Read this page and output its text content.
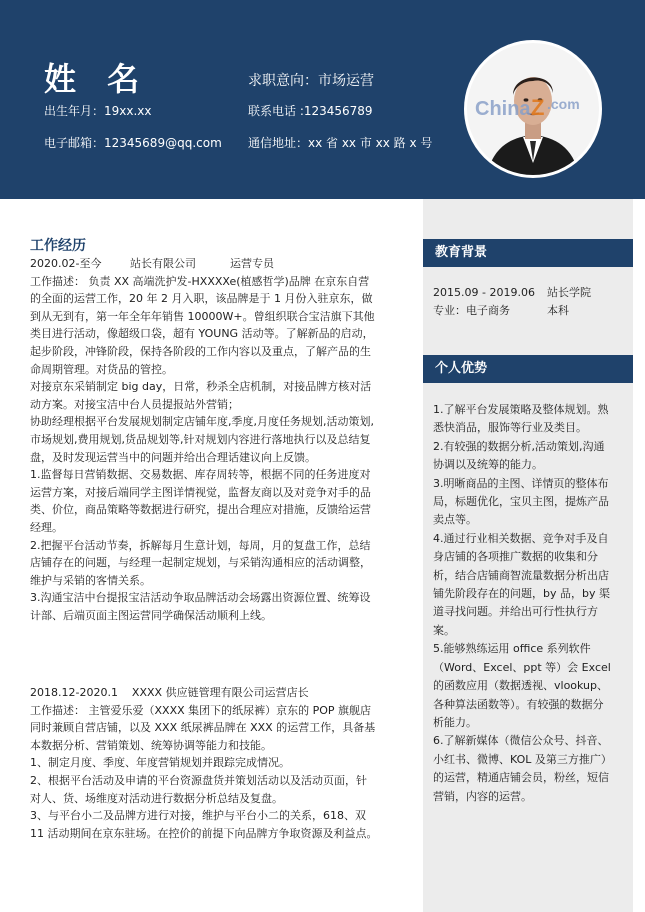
姓 名	求职意向：市场运营
出生年月：19xx.xx	联系电话 :123456789
电子邮箱：12345689@qq.com 通信地址：xx 省 xx 市 xx 路 x 号
China Z .com
工作经历
2020.02-至今	站长有限公司	运营专员

工作描述： 负责 XX 高端洗护发-HXXXXe(植感哲学)品牌 在京东自营

的全面的运营工作，20 年 2 月入职，该品牌是于 1 月份入驻京东，做

到从无到有，第一年全年年销售 10000W+。曾组织联合宝洁旗下其他

类目进行活动，像超级口袋，超有 YOUNG 活动等。了解新品的启动，

起步阶段，冲锋阶段，保持各阶段的工作内容以及重点，了解产品的生

命周期管理。对货品的管控。

对接京东采销制定 big day，日常，秒杀全店机制，对接品牌方核对活

动方案。对接宝洁中台人员提报站外营销；

协助经理根据平台发展规划制定店铺年度,季度,月度任务规划,活动策划,

市场规划,费用规划,货品规划等,针对规划内容进行落地执行以及总结复

盘，及时发现运营当中的问题并给出合理话建议向上反馈。

1.监督每日营销数据、交易数据、库存周转等，根据不同的任务进度对

运营方案，对接后端同学主图详情视觉，监督友商以及对竞争对手的品

类、价位，商品策略等数据进行研究，提出合理应对措施，反馈给运营

经理。

2.把握平台活动节奏，拆解每月生意计划，每周，月的复盘工作，总结

店铺存在的问题，与经理一起制定规划，与采销沟通相应的活动调整，

维护与采销的客情关系。

3.沟通宝洁中台提报宝洁活动争取品牌活动会场露出资源位置、统筹设

计部、后端页面主图运营同学确保活动顺利上线。

2018.12-2020.1    XXXX 供应链管理有限公司运营店长

工作描述： 主管爱乐爱（XXXX 集团下的纸尿裤）京东的 POP 旗舰店

同时兼顾自营店铺，以及 XXX 纸尿裤品牌在 XXX 的运营工作，具备基

本数据分析、营销策划、统筹协调等能力和技能。

1、制定月度、季度、年度营销规划并跟踪完成情况。

2、根据平台活动及申请的平台资源盘货并策划活动以及活动页面，针

对人、货、场维度对活动进行数据分析总结及复盘。

3、与平台小二及品牌方进行对接，维护与平台小二的关系，618、双

11 活动期间在京东驻场。在控价的前提下向品牌方争取资源及利益点。

教育背景
2015.09 - 2019.06	站长学院
专业：电子商务	本科
个人优势

1.了解平台发展策略及整体规划。熟

悉快消品，服饰等行业及类目。

2.有较强的数据分析,活动策划,沟通

协调以及统筹的能力。

3.明晰商品的主图、详情页的整体布

局，标题优化，宝贝主图，提炼产品

卖点等。

4.通过行业相关数据、竞争对手及自

身店铺的各项推广数据的收集和分

析，结合店铺商智流量数据分析出店

铺先阶段存在的问题，by 品，by 渠

道寻找问题。并给出可行性执行方

案。

5.能够熟练运用 office 系列软件

（Word、Excel、ppt 等）会 Excel

的函数应用（数据透视、vlookup、

各种算法函数等）。有较强的数据分

析能力。

6.了解新媒体（微信公众号、抖音、

小红书、微博、KOL 及第三方推广）

的运营，精通店铺会员，粉丝，短信

营销，内容的运营。
